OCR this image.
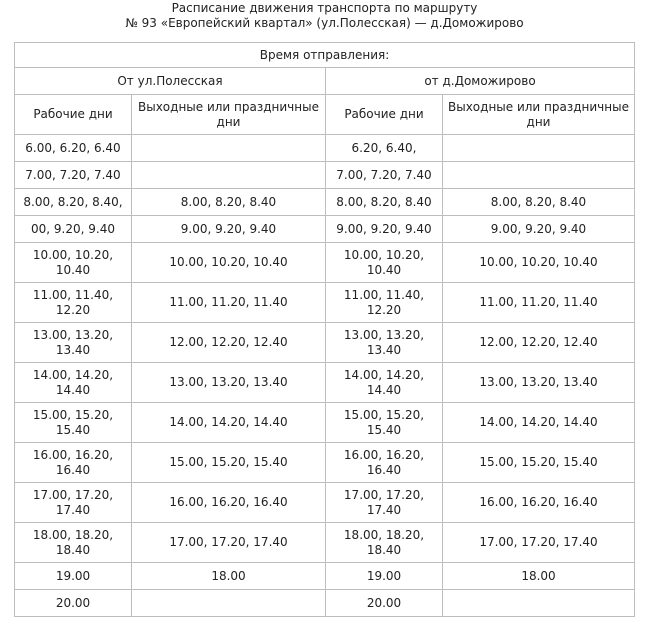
Расписание движения транспорта по маршруту
№ 93 «Европейский квартал» (ул.Полесская) — д.Доможирово
Время отправления:			
От ул.Полесская		от д.Доможирово	
Рабочие дни	Выходные или праздничные дни	Рабочие дни	Выходные или праздничные дни
6.00, 6.20, 6.40		6.20, 6.40,	
7.00, 7.20, 7.40		7.00, 7.20, 7.40	
8.00, 8.20, 8.40,	8.00, 8.20, 8.40	8.00, 8.20, 8.40	8.00, 8.20, 8.40
00, 9.20, 9.40	9.00, 9.20, 9.40	9.00, 9.20, 9.40	9.00, 9.20, 9.40
10.00, 10.20, 10.40	10.00, 10.20, 10.40	10.00, 10.20, 10.40	10.00, 10.20, 10.40
11.00, 11.40, 12.20	11.00, 11.20, 11.40	11.00, 11.40, 12.20	11.00, 11.20, 11.40
13.00, 13.20, 13.40	12.00, 12.20, 12.40	13.00, 13.20, 13.40	12.00, 12.20, 12.40
14.00, 14.20, 14.40	13.00, 13.20, 13.40	14.00, 14.20, 14.40	13.00, 13.20, 13.40
15.00, 15.20, 15.40	14.00, 14.20, 14.40	15.00, 15.20, 15.40	14.00, 14.20, 14.40
16.00, 16.20, 16.40	15.00, 15.20, 15.40	16.00, 16.20, 16.40	15.00, 15.20, 15.40
17.00, 17.20, 17.40	16.00, 16.20, 16.40	17.00, 17.20, 17.40	16.00, 16.20, 16.40
18.00, 18.20, 18.40	17.00, 17.20, 17.40	18.00, 18.20, 18.40	17.00, 17.20, 17.40
19.00	18.00	19.00	18.00
20.00		20.00	
